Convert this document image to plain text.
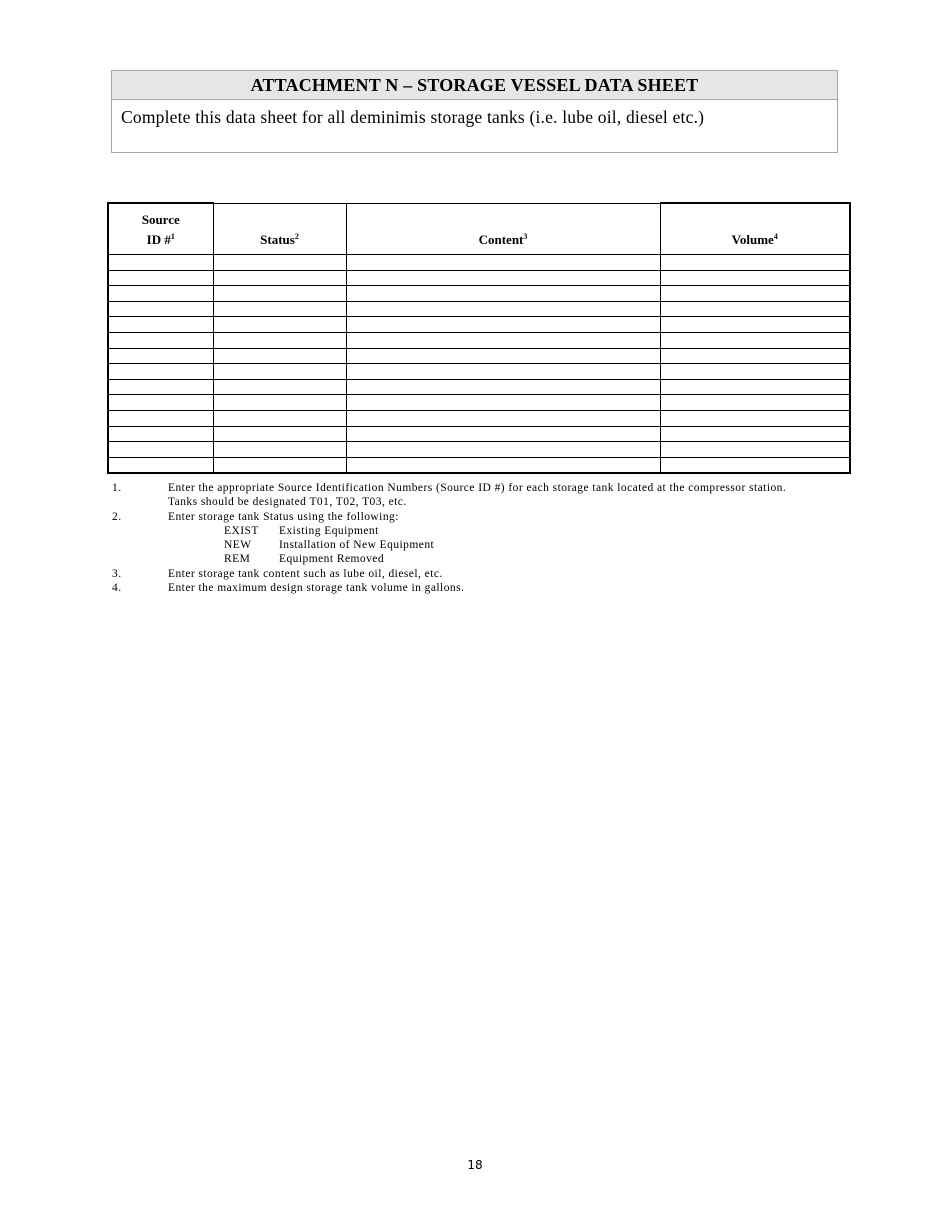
ATTACHMENT N – STORAGE VESSEL DATA SHEET
Complete this data sheet for all deminimis storage tanks (i.e. lube oil, diesel etc.)
Source
ID #$^1$	Status$^2$	Content$^3$	Volume$^4$

1.	Enter the appropriate Source Identification Numbers (Source ID #) for each storage tank located at the compressor station.
Tanks should be designated T01, T02, T03, etc.
2.	Enter storage tank Status using the following:
EXIST Existing Equipment
NEW Installation of New Equipment
REM Equipment Removed
3.	Enter storage tank content such as lube oil, diesel, etc.
4.	Enter the maximum design storage tank volume in gallons.
18
